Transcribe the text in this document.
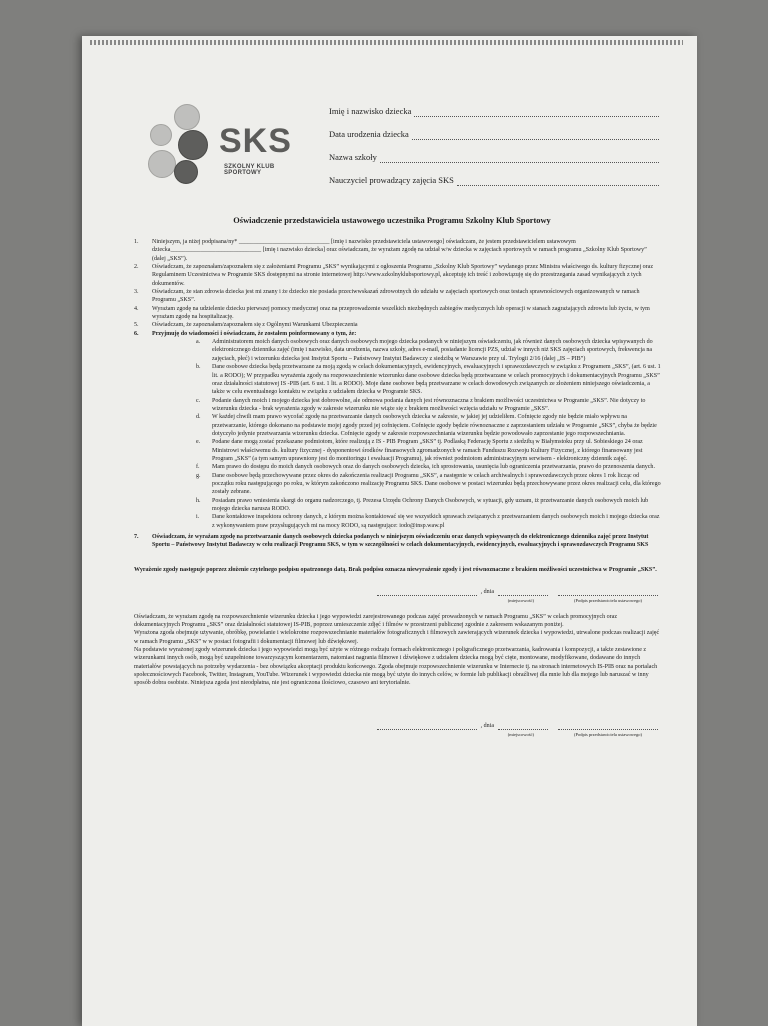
SKS
SZKOLNY KLUB SPORTOWY
Imię i nazwisko dziecka
Data urodzenia dziecka
Nazwa szkoły
Nauczyciel prowadzący zajęcia SKS
Oświadczenie przedstawiciela ustawowego uczestnika Programu Szkolny Klub Sportowy
1.	Niniejszym, ja niżej podpisana/ny* ______________________________ [imię i nazwisko przedstawiciela ustawowego] oświadczam, że jestem przedstawicielem ustawowym dziecka______________________________ [imię i nazwisko dziecka] oraz oświadczam, że wyrażam zgodę na udział w/w dziecka w zajęciach sportowych w ramach programu „Szkolny Klub Sportowy” (dalej „SKS”).
2.	Oświadczam, że zapoznałam/zapoznałem się z założeniami Programu „SKS” wynikającymi z ogłoszenia Programu „Szkolny Klub Sportowy” wydanego przez Ministra właściwego ds. kultury fizycznej oraz Regulaminem Uczestnictwa w Programie SKS dostępnymi na stronie internetowej http://www.szkolnyklubsportowy.pl, akceptuję ich treść i zobowiązuję się do przestrzegania zasad wynikających z tych dokumentów.
3.	Oświadczam, że stan zdrowia dziecka jest mi znany i że dziecko nie posiada przeciwwskazań zdrowotnych do udziału w zajęciach sportowych oraz testach sprawnościowych organizowanych w ramach Programu „SKS”.
4.	Wyrażam zgodę na udzielenie dziecku pierwszej pomocy medycznej oraz na przeprowadzenie wszelkich niezbędnych zabiegów medycznych lub operacji w stanach zagrażających zdrowiu lub życiu, w tym wyrażam zgodę na hospitalizację.
5.	Oświadczam, że zapoznałam/zapoznałem się z Ogólnymi Warunkami Ubezpieczenia
6.	Przyjmuję do wiadomości i oświadczam, że zostałem poinformowany o tym, że:
a.	Administratorem moich danych osobowych oraz danych osobowych mojego dziecka podanych w niniejszym oświadczeniu, jak również danych osobowych dziecka wpisywanych do elektronicznego dziennika zajęć (imię i nazwisko, data urodzenia, nazwa szkoły, adres e-mail, posiadanie licencji PZS, udział w innych niż SKS zajęciach sportowych, frekwencja na zajęciach, płeć) i wizerunku dziecka jest Instytut Sportu – Państwowy Instytut Badawczy z siedzibą w Warszawie przy ul. Trylogii 2/16 (dalej „IS – PIB”)
b.	Dane osobowe dziecka będą przetwarzane za moją zgodą w celach dokumentacyjnych, ewidencyjnych, ewaluacyjnych i sprawozdawczych w związku z Programem „SKS”, (art. 6 ust. 1 lit. a RODO); W przypadku wyrażenia zgody na rozpowszechnienie wizerunku dane osobowe dziecka będą przetwarzane w celach promocyjnych i dokumentacyjnych Programu „SKS” oraz działalności statutowej IS -PIB (art. 6 ust. 1 lit. a RODO). Moje dane osobowe będą przetwarzane w celach dowodowych związanych ze złożeniem niniejszego oświadczenia, a także w celu ewentualnego kontaktu w związku z udziałem dziecka w Programie SKS.
c.	Podanie danych moich i mojego dziecka jest dobrowolne, ale odmowa podania danych jest równoznaczna z brakiem możliwości uczestnictwa w Programie „SKS”. Nie dotyczy to wizerunku dziecka - brak wyrażenia zgody w zakresie wizerunku nie wiąże się z brakiem możliwości wzięcia udziału w Programie „SKS”.
d.	W każdej chwili mam prawo wycofać zgodę na przetwarzanie danych osobowych dziecka w zakresie, w jakiej jej udzieliłem. Cofnięcie zgody nie będzie miało wpływu na przetwarzanie, którego dokonano na podstawie mojej zgody przed jej cofnięciem. Cofnięcie zgody będzie równoznaczne z zaprzestaniem udziału w Programie „SKS”, chyba że będzie dotyczyło jedynie przetwarzania wizerunku dziecka. Cofnięcie zgody w zakresie rozpowszechniania wizerunku będzie powodowało zaprzestanie jego rozpowszechniania.
e.	Podane dane mogą zostać przekazane podmiotom, które realizują z IS - PIB Program „SKS” tj. Podlaską Federację Sportu z siedzibą w Białymstoku przy ul. Sobieskiego 24 oraz Ministrowi właściwemu ds. kultury fizycznej - dysponentowi środków finansowych zgromadzonych w ramach Funduszu Rozwoju Kultury Fizycznej, z którego finansowany jest Program „SKS” (a tym samym uprawniony jest do monitoringu i ewaluacji Programu), jak również podmiotom administracyjnym serwisem - elektroniczny dziennik zajęć.
f.	Mam prawo do dostępu do moich danych osobowych oraz do danych osobowych dziecka, ich sprostowania, usunięcia lub ograniczenia przetwarzania, prawo do przenoszenia danych.
g.	Dane osobowe będą przechowywane przez okres do zakończenia realizacji Programu „SKS”, a następnie w celach archiwalnych i sprawozdawczych przez okres 1 rok licząc od początku roku następującego po roku, w którym zakończono realizację Programu SKS. Dane osobowe w postaci wizerunku będą przechowywane przez okres realizacji celu, dla którego zostały zebrane.
h.	Posiadam prawo wniesienia skargi do organu nadzorczego, tj. Prezesa Urzędu Ochrony Danych Osobowych, w sytuacji, gdy uznam, iż przetwarzanie danych osobowych moich lub mojego dziecka narusza RODO.
i.	Dane kontaktowe inspektora ochrony danych, z którym można kontaktować się we wszystkich sprawach związanych z przetwarzaniem danych osobowych moich i mojego dziecka oraz z wykonywaniem praw przysługujących mi na mocy RODO, są następujące: iodo@insp.waw.pl
7.	Oświadczam, że wyrażam zgodę na przetwarzanie danych osobowych dziecka podanych w niniejszym oświadczeniu oraz danych wpisywanych do elektronicznego dziennika zajęć przez Instytut Sportu – Państwowy Instytut Badawczy w celu realizacji Programu SKS, w tym w szczególności w celach dokumentacyjnych, ewidencyjnych, ewaluacyjnych i sprawozdawczych Programu SKS

Wyrażenie zgody następuje poprzez złożenie czytelnego podpisu opatrzonego datą. Brak podpisu oznacza niewyrażenie zgody i jest równoznaczne z brakiem możliwości uczestnictwa w Programie „SKS”.

, dnia
(miejscowość)	(Podpis przedstawiciela ustawowego)

Oświadczam, że wyrażam zgodę na rozpowszechnienie wizerunku dziecka i jego wypowiedzi zarejestrowanego podczas zajęć prowadzonych w ramach Programu „SKS” w celach promocyjnych oraz dokumentacyjnych Programu „SKS” oraz działalności statutowej IS-PIB, poprzez umieszczenie zdjęć i filmów w przestrzeni publicznej zgodnie z zakresem wskazanym poniżej.

Wyrażona zgoda obejmuje używanie, obróbkę, powielanie i wielokrotne rozpowszechnianie materiałów fotograficznych i filmowych zawierających wizerunek dziecka i wypowiedzi, utrwalone podczas realizacji zajęć w ramach Programu „SKS” w w postaci fotografii i dokumentacji filmowej lub dźwiękowej.

Na podstawie wyrażonej zgody wizerunek dziecka i jego wypowiedzi mogą być użyte w różnego rodzaju formach elektronicznego i poligraficznego przetwarzania, kadrowania i kompozycji, a także zestawione z wizerunkami innych osób, mogą być uzupełnione towarzyszącym komentarzem, natomiast nagrania filmowe i dźwiękowe z udziałem dziecka mogą być cięte, montowane, modyfikowane, dodawane do innych materiałów powstających na potrzeby wydarzenia - bez obowiązku akceptacji produktu końcowego. Zgoda obejmuje rozpowszechnienie wizerunku w Internecie tj. na stronach internetowych IS-PIB oraz na portalach społecznościowych Facebook, Twitter, Instagram, YouTube. Wizerunek i wypowiedzi dziecka nie mogą być użyte do innych celów, w formie lub publikacji obraźliwej dla mnie lub dla mojego lub naruszać w inny sposób dobra osobiste. Niniejsza zgoda jest nieodpłatna, nie jest ograniczona ilościowo, czasowo ani terytorialnie.

, dnia
(miejscowość)	(Podpis przedstawiciela ustawowego)
